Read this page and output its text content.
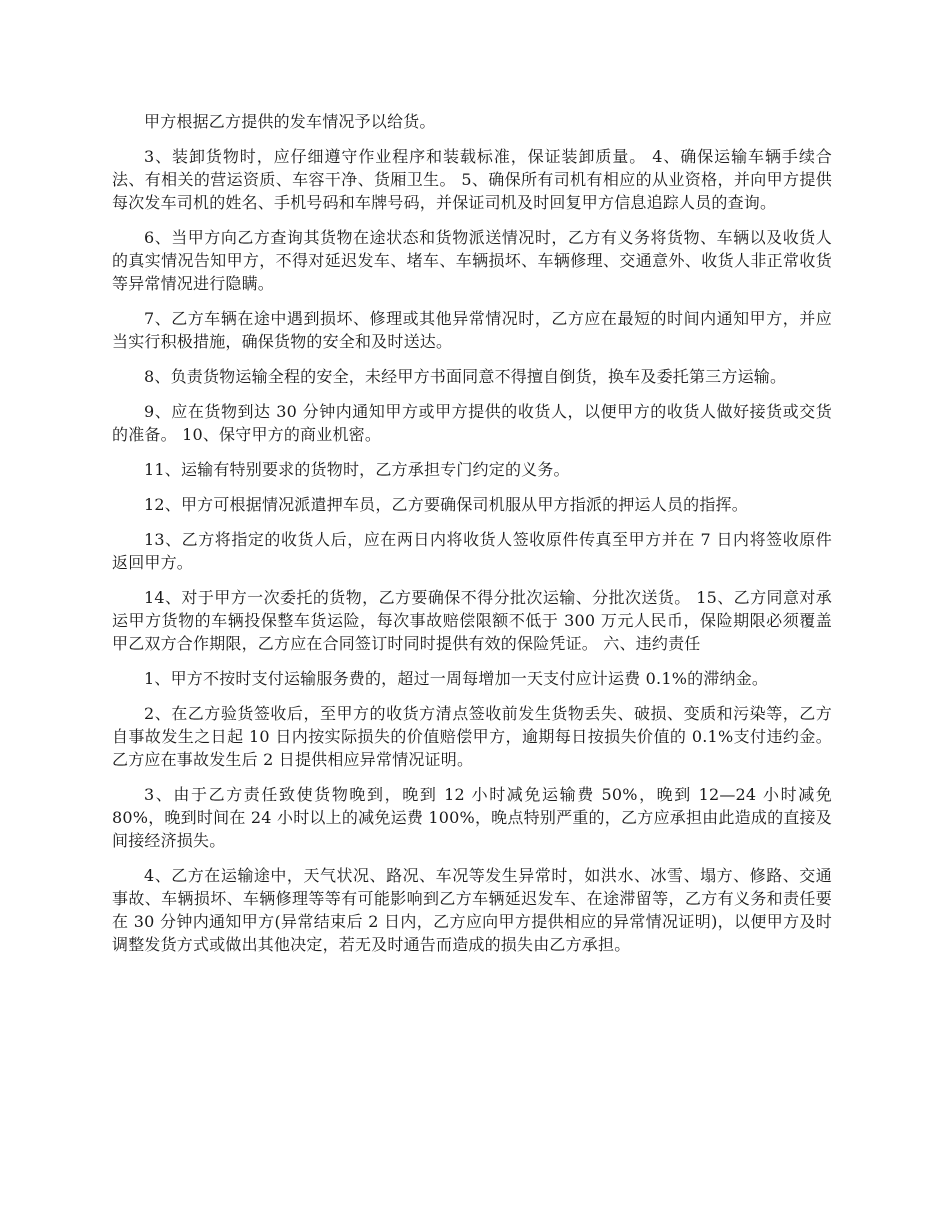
甲方根据乙方提供的发车情况予以给货。

3、装卸货物时，应仔细遵守作业程序和装载标准，保证装卸质量。 4、确保运输车辆手续合法、有相关的营运资质、车容干净、货厢卫生。 5、确保所有司机有相应的从业资格，并向甲方提供每次发车司机的姓名、手机号码和车牌号码，并保证司机及时回复甲方信息追踪人员的查询。

6、当甲方向乙方查询其货物在途状态和货物派送情况时，乙方有义务将货物、车辆以及收货人的真实情况告知甲方，不得对延迟发车、堵车、车辆损坏、车辆修理、交通意外、收货人非正常收货等异常情况进行隐瞒。

7、乙方车辆在途中遇到损坏、修理或其他异常情况时，乙方应在最短的时间内通知甲方，并应当实行积极措施，确保货物的安全和及时送达。

8、负责货物运输全程的安全，未经甲方书面同意不得擅自倒货，换车及委托第三方运输。

9、应在货物到达 30 分钟内通知甲方或甲方提供的收货人，以便甲方的收货人做好接货或交货的准备。 10、保守甲方的商业机密。

11、运输有特别要求的货物时，乙方承担专门约定的义务。

12、甲方可根据情况派遣押车员，乙方要确保司机服从甲方指派的押运人员的指挥。

13、乙方将指定的收货人后，应在两日内将收货人签收原件传真至甲方并在 7 日内将签收原件返回甲方。

14、对于甲方一次委托的货物，乙方要确保不得分批次运输、分批次送货。 15、乙方同意对承运甲方货物的车辆投保整车货运险，每次事故赔偿限额不低于 300 万元人民币，保险期限必须覆盖甲乙双方合作期限，乙方应在合同签订时同时提供有效的保险凭证。 六、违约责任

1、甲方不按时支付运输服务费的，超过一周每增加一天支付应计运费 0.1%的滞纳金。

2、在乙方验货签收后，至甲方的收货方清点签收前发生货物丢失、破损、变质和污染等，乙方自事故发生之日起 10 日内按实际损失的价值赔偿甲方，逾期每日按损失价值的 0.1%支付违约金。乙方应在事故发生后 2 日提供相应异常情况证明。

3、由于乙方责任致使货物晚到，晚到 12 小时减免运输费 50%，晚到 12—24 小时减免 80%，晚到时间在 24 小时以上的减免运费 100%，晚点特别严重的，乙方应承担由此造成的直接及间接经济损失。

4、乙方在运输途中，天气状况、路况、车况等发生异常时，如洪水、冰雪、塌方、修路、交通事故、车辆损坏、车辆修理等等有可能影响到乙方车辆延迟发车、在途滞留等，乙方有义务和责任要在 30 分钟内通知甲方(异常结束后 2 日内，乙方应向甲方提供相应的异常情况证明)，以便甲方及时调整发货方式或做出其他决定，若无及时通告而造成的损失由乙方承担。
